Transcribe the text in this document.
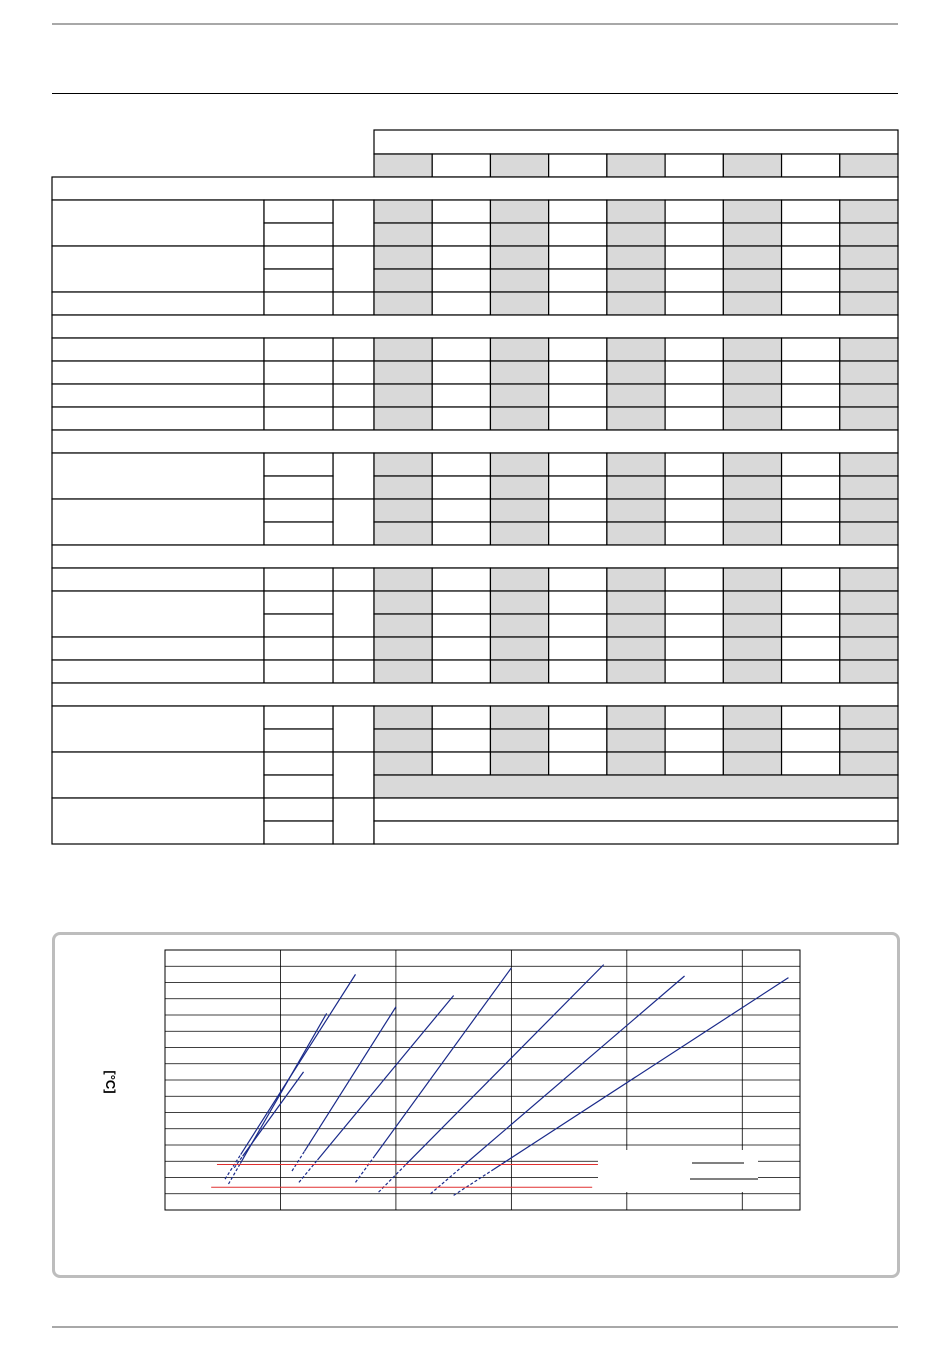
[°C]
